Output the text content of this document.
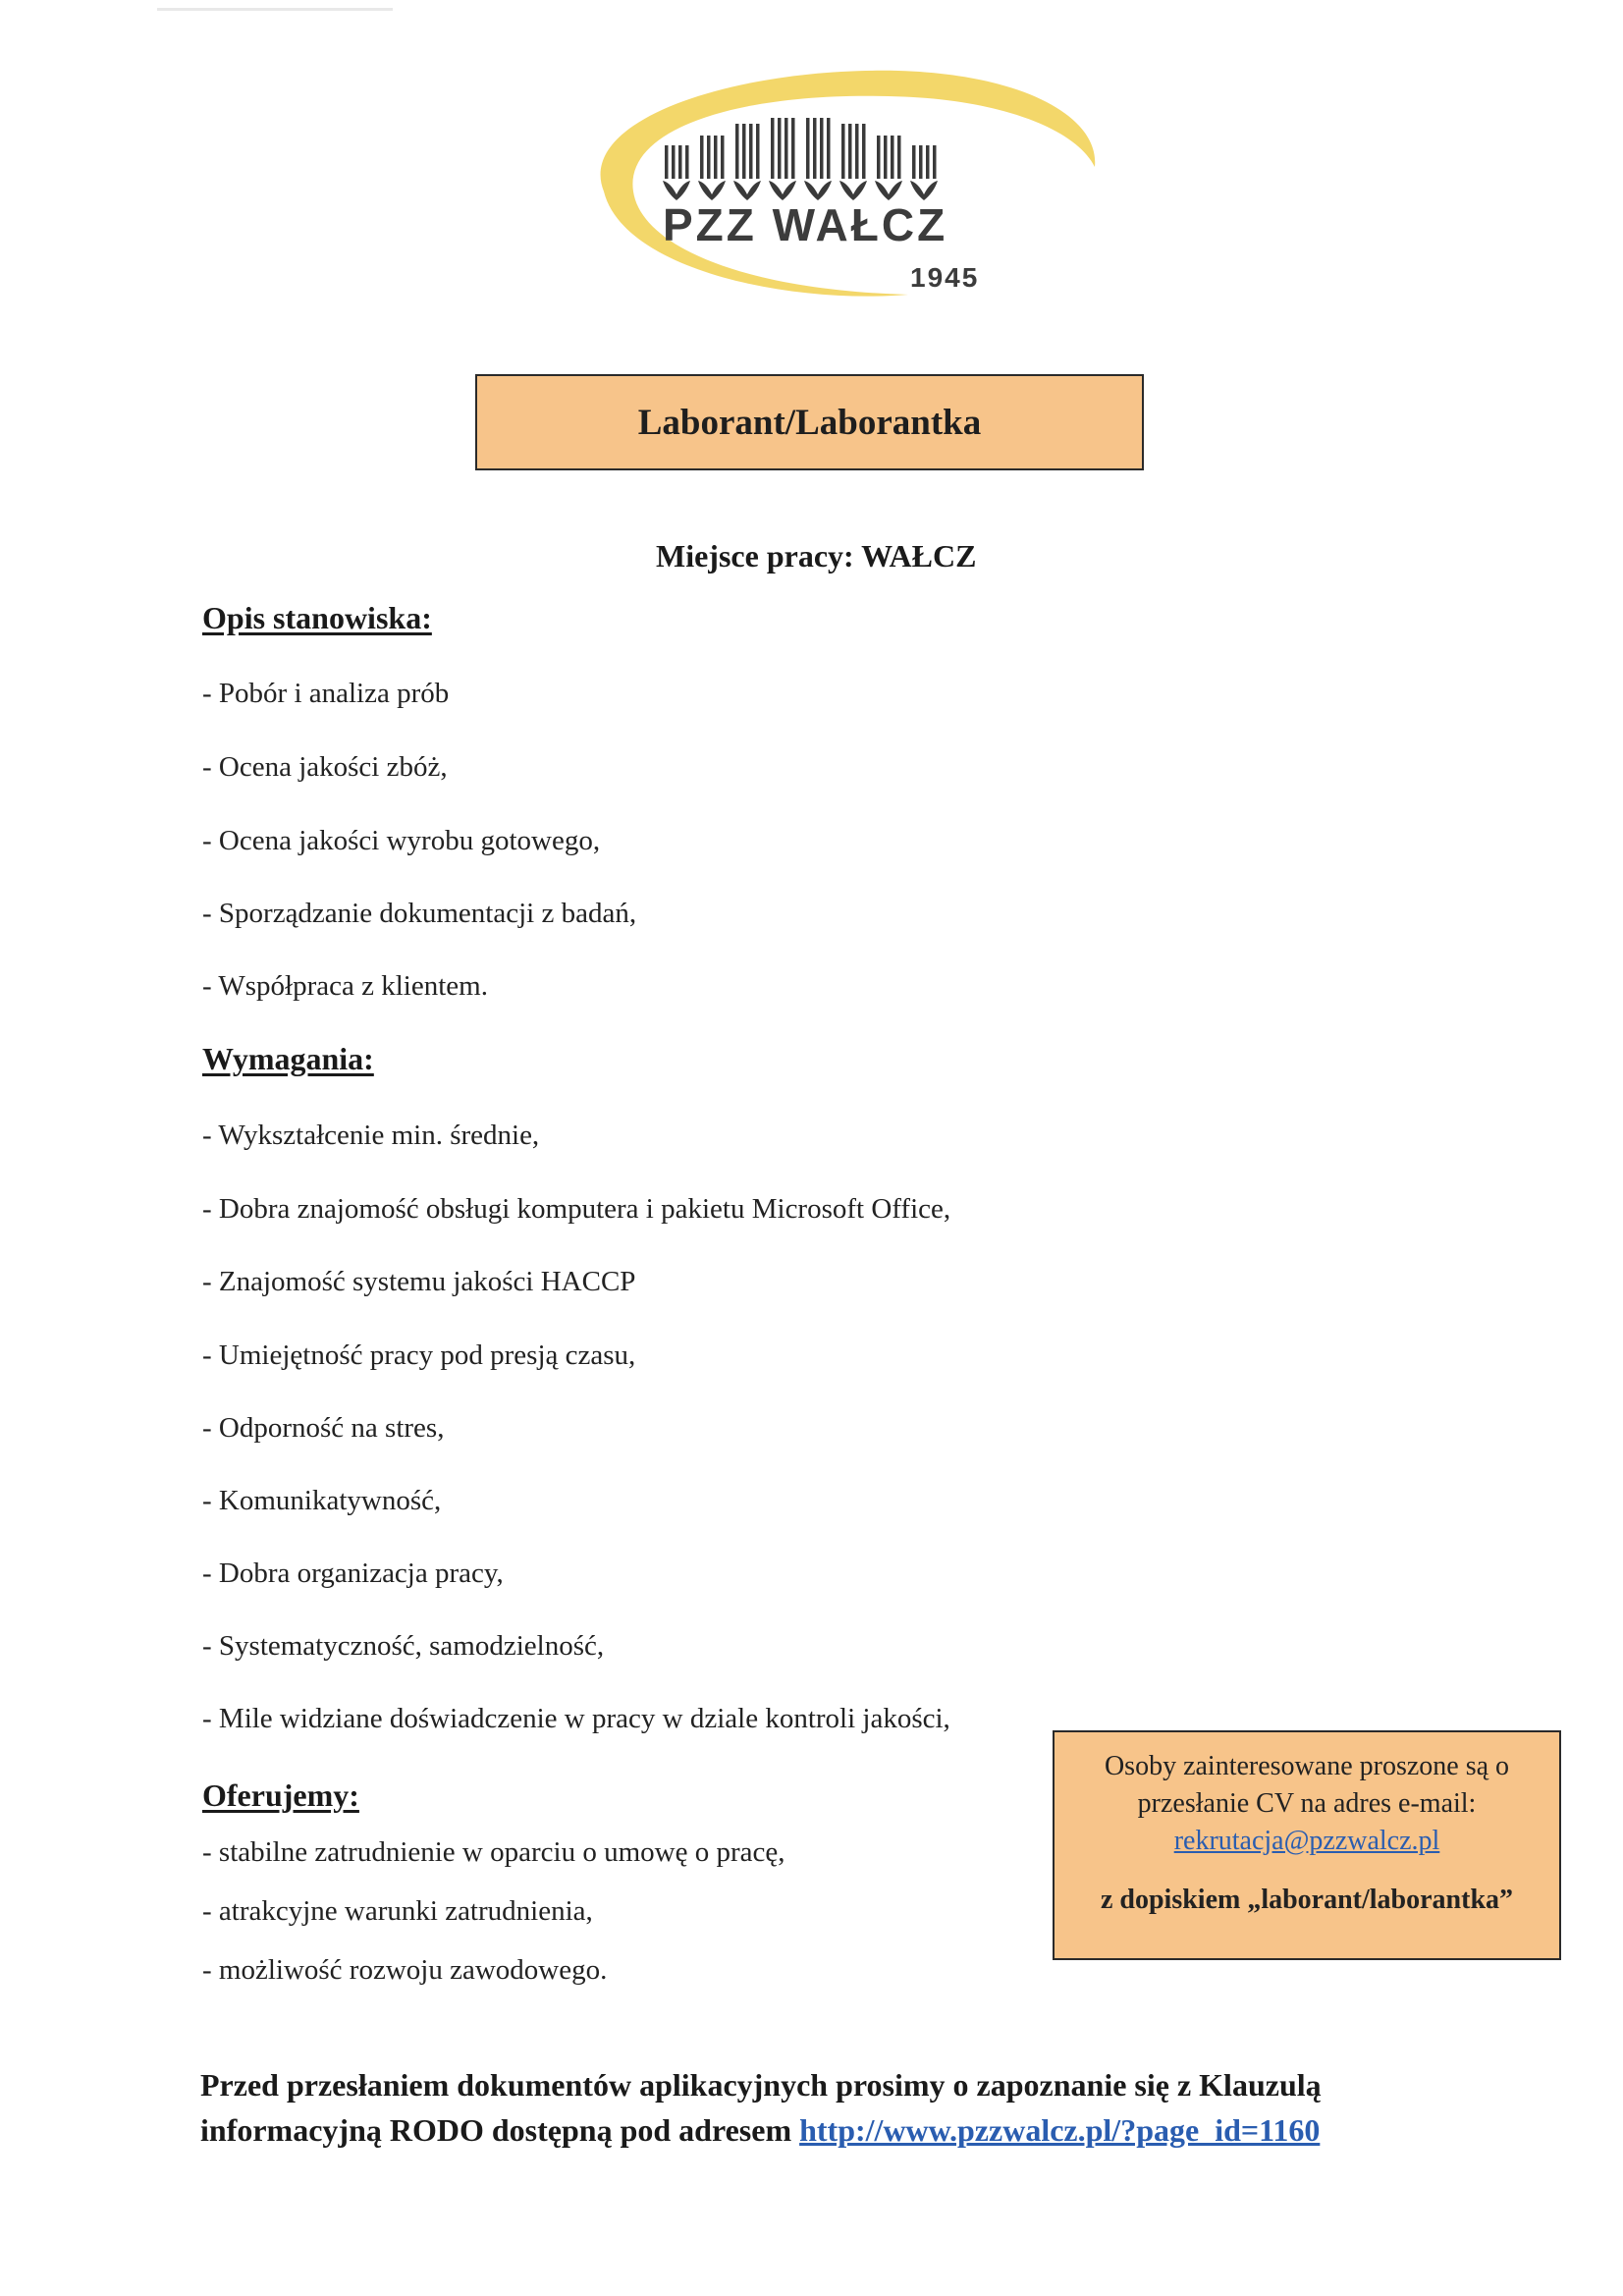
PZZ WAŁCZ
1945
Laborant/Laborantka
Miejsce pracy: WAŁCZ
Opis stanowiska:
- Pobór i analiza prób
- Ocena jakości zbóż,
- Ocena jakości wyrobu gotowego,
- Sporządzanie dokumentacji z badań,
- Współpraca z klientem.
Wymagania:
- Wykształcenie min. średnie,
- Dobra znajomość obsługi komputera i pakietu Microsoft Office,
- Znajomość systemu jakości HACCP
- Umiejętność pracy pod presją czasu,
- Odporność na stres,
- Komunikatywność,
- Dobra organizacja pracy,
- Systematyczność, samodzielność,
- Mile widziane doświadczenie w pracy w dziale kontroli jakości,
Oferujemy:
- stabilne zatrudnienie w oparciu o umowę o pracę,
- atrakcyjne warunki zatrudnienia,
- możliwość rozwoju zawodowego.
Osoby zainteresowane proszone są o
przesłanie CV na adres e-mail:
rekrutacja@pzzwalcz.pl
z dopiskiem „laborant/laborantka”
Przed przesłaniem dokumentów aplikacyjnych prosimy o zapoznanie się z Klauzulą
informacyjną RODO dostępną pod adresem http://www.pzzwalcz.pl/?page_id=1160
